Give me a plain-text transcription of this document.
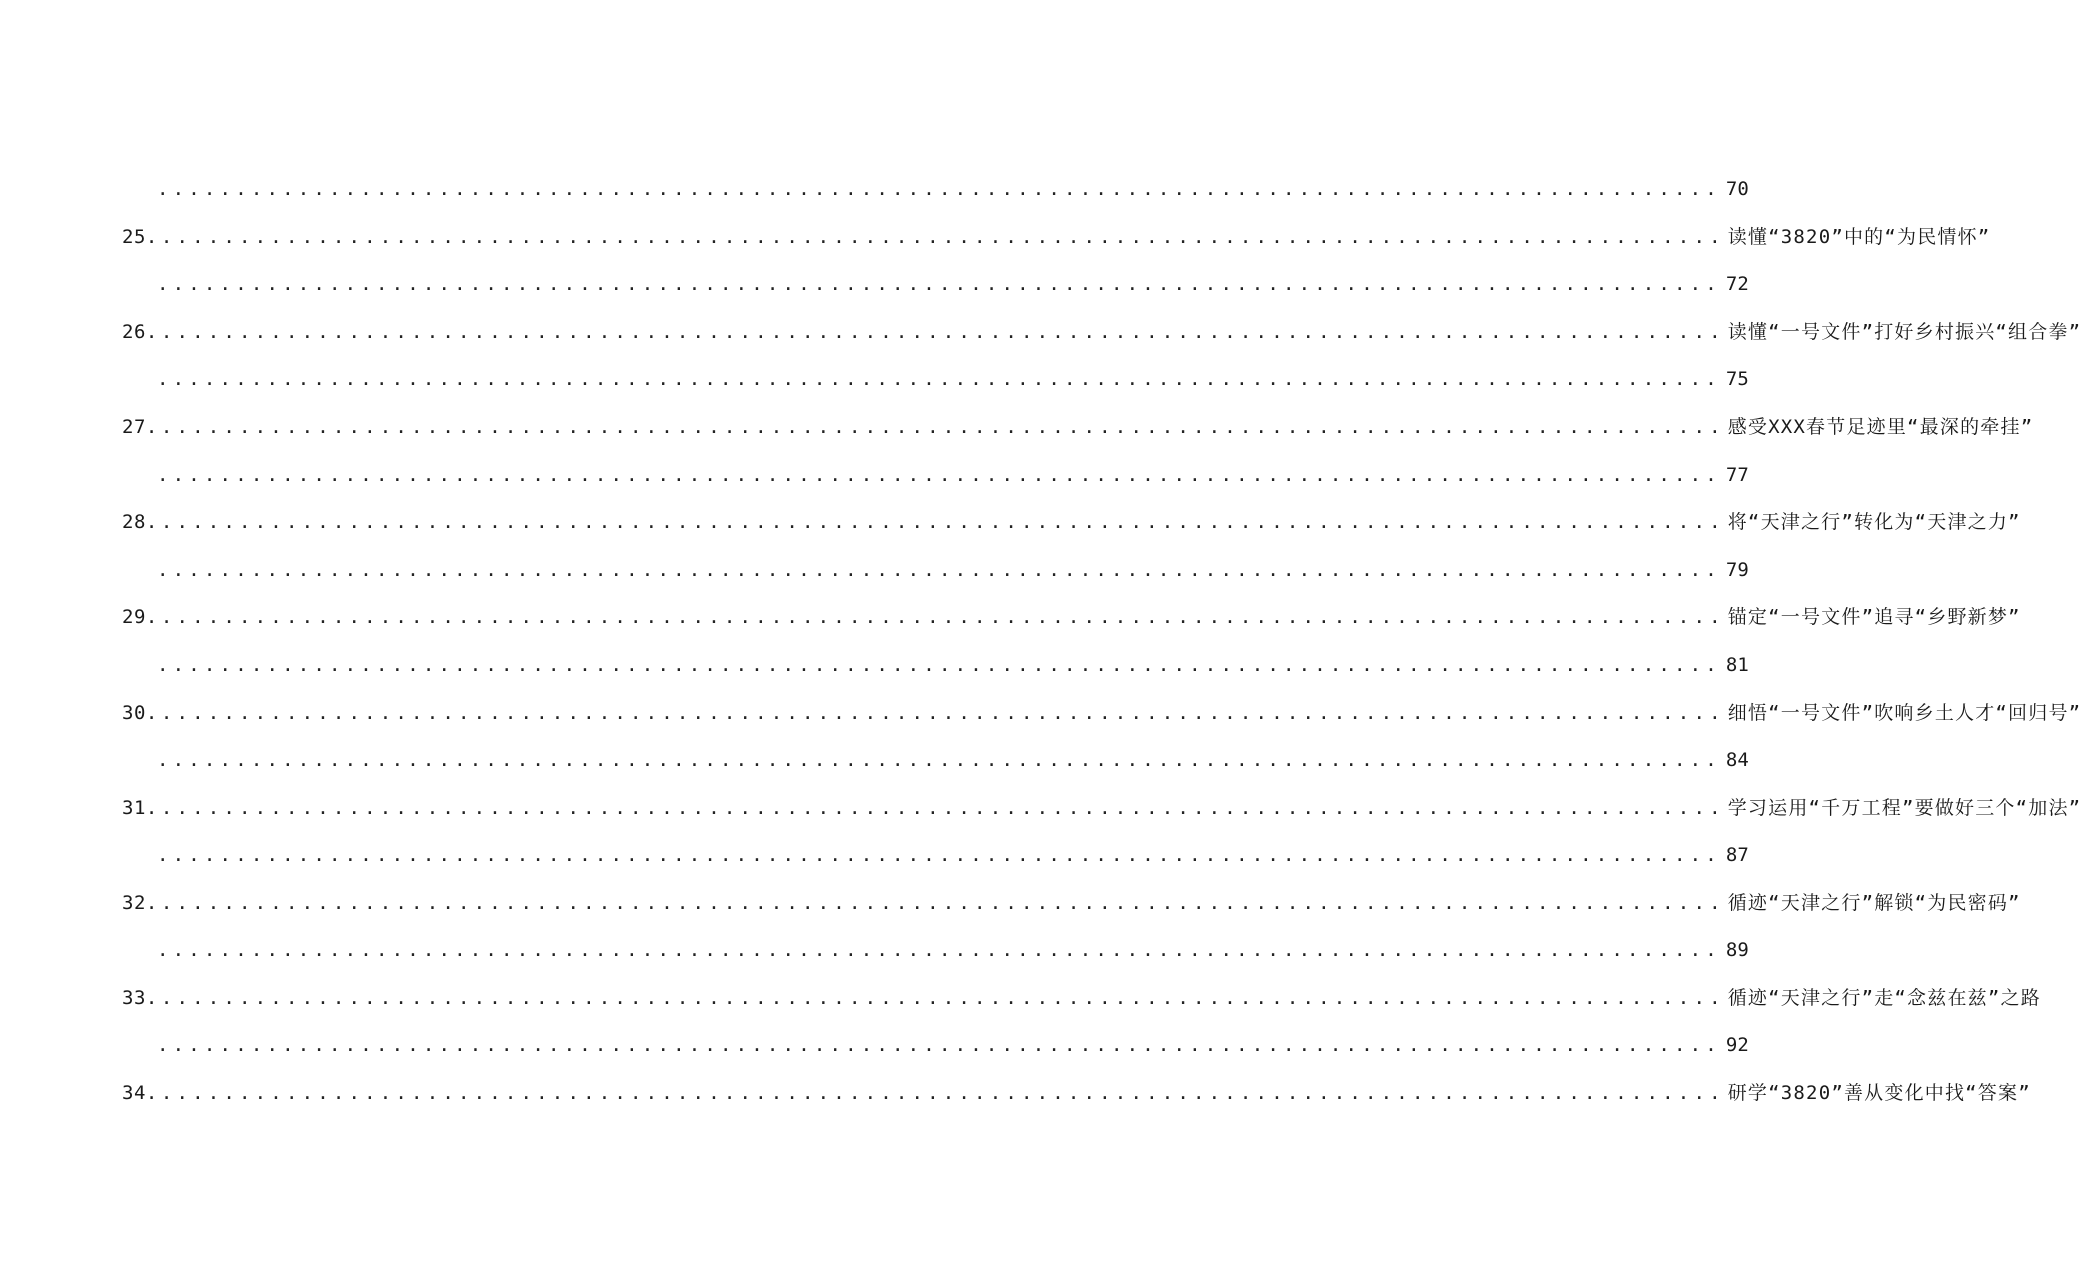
.................................................................................................... 70
25. .................................................................................................... 读懂“3820”中的“为民情怀”
.................................................................................................... 72
26. .................................................................................................... 读懂“一号文件”打好乡村振兴“组合拳”
.................................................................................................... 75
27. .................................................................................................... 感受XXX春节足迹里“最深的牵挂”
.................................................................................................... 77
28. .................................................................................................... 将“天津之行”转化为“天津之力”
.................................................................................................... 79
29. .................................................................................................... 锚定“一号文件”追寻“乡野新梦”
.................................................................................................... 81
30. .................................................................................................... 细悟“一号文件”吹响乡土人才“回归号”
.................................................................................................... 84
31. .................................................................................................... 学习运用“千万工程”要做好三个“加法”
.................................................................................................... 87
32. .................................................................................................... 循迹“天津之行”解锁“为民密码”
.................................................................................................... 89
33. .................................................................................................... 循迹“天津之行”走“念兹在兹”之路
.................................................................................................... 92
34. .................................................................................................... 研学“3820”善从变化中找“答案”
